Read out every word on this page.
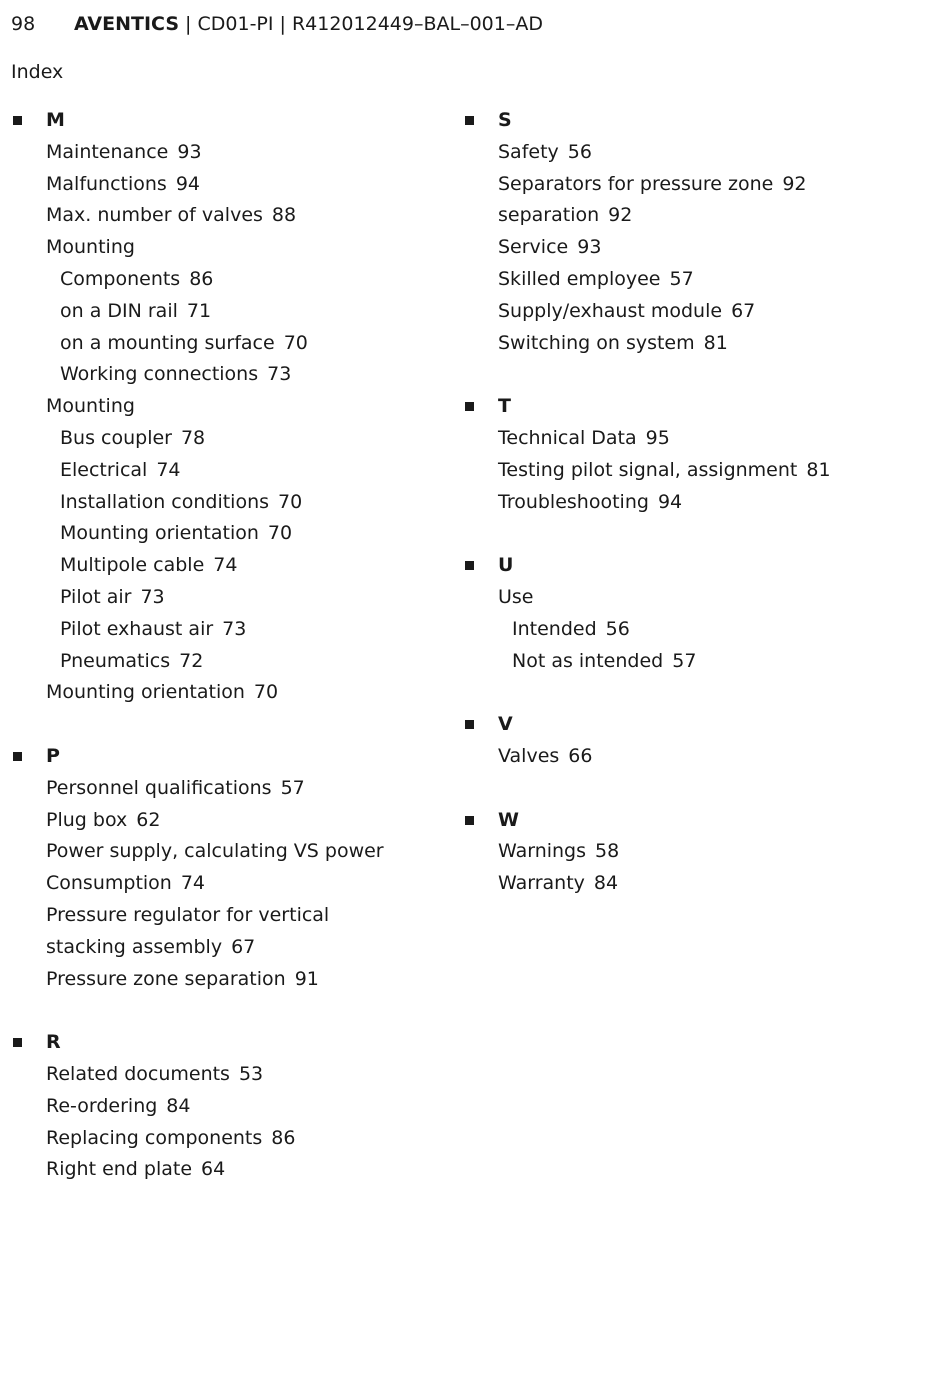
98 AVENTICS | CD01-PI | R412012449–BAL–001–AD
Index
M
Maintenance 93
Malfunctions 94
Max. number of valves 88
Mounting
Components 86
on a DIN rail 71
on a mounting surface 70
Working connections 73
Mounting
Bus coupler 78
Electrical 74
Installation conditions 70
Mounting orientation 70
Multipole cable 74
Pilot air 73
Pilot exhaust air 73
Pneumatics 72
Mounting orientation 70
P
Personnel qualifications 57
Plug box 62
Power supply, calculating VS power
Consumption 74
Pressure regulator for vertical
stacking assembly 67
Pressure zone separation 91
R
Related documents 53
Re-ordering 84
Replacing components 86
Right end plate 64
S
Safety 56
Separators for pressure zone 92
separation 92
Service 93
Skilled employee 57
Supply/exhaust module 67
Switching on system 81
T
Technical Data 95
Testing pilot signal, assignment 81
Troubleshooting 94
U
Use
Intended 56
Not as intended 57
V
Valves 66
W
Warnings 58
Warranty 84
